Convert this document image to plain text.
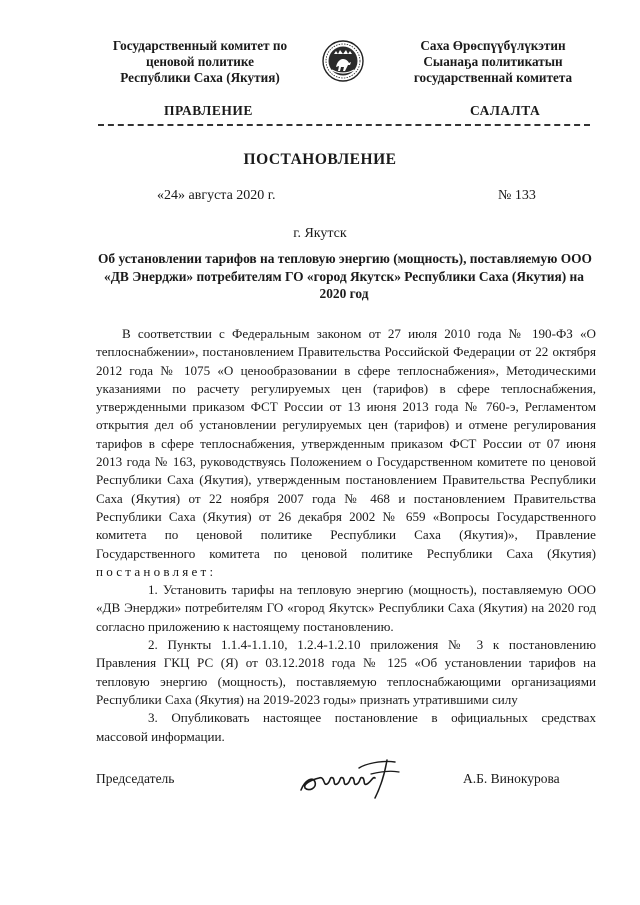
Государственный комитет по
ценовой политике
Республики Саха (Якутия)
Саха Өрөспүүбүлүкэтин
Сыанаҕа политикатын
государственнай комитета
ПРАВЛЕНИЕ	САЛАЛТА
ПОСТАНОВЛЕНИЕ
«24» августа 2020 г.	№ 133
г. Якутск
Об установлении тарифов на тепловую энергию (мощность), поставляемую ООО
«ДВ Энерджи» потребителям ГО «город Якутск» Республики Саха (Якутия) на
2020 год
В соответствии с Федеральным законом от 27 июля 2010 года № 190-ФЗ «О
теплоснабжении», постановлением Правительства Российской Федерации от 22 октября
2012 года № 1075 «О ценообразовании в сфере теплоснабжения», Методическими
указаниями по расчету регулируемых цен (тарифов) в сфере теплоснабжения,
утвержденными приказом ФСТ России от 13 июня 2013 года № 760-э, Регламентом
открытия дел об установлении регулируемых цен (тарифов) и отмене регулирования
тарифов в сфере теплоснабжения, утвержденным приказом ФСТ России от 07 июня
2013 года № 163, руководствуясь Положением о Государственном комитете по ценовой
Республики Саха (Якутия), утвержденным постановлением Правительства Республики
Саха (Якутия) от 22 ноября 2007 года № 468 и постановлением Правительства
Республики Саха (Якутия) от 26 декабря 2002 № 659 «Вопросы Государственного
комитета по ценовой политике Республики Саха (Якутия)», Правление
Государственного комитета по ценовой политике Республики Саха (Якутия)
постановляет:
1. Установить тарифы на тепловую энергию (мощность), поставляемую ООО
«ДВ Энерджи» потребителям ГО «город Якутск» Республики Саха (Якутия) на 2020 год
согласно приложению к настоящему постановлению.
2. Пункты 1.1.4-1.1.10, 1.2.4-1.2.10 приложения № 3 к постановлению
Правления ГКЦ РС (Я) от 03.12.2018 года № 125 «Об установлении тарифов на
тепловую энергию (мощность), поставляемую теплоснабжающими организациями
Республики Саха (Якутия) на 2019-2023 годы» признать утратившими силу
3. Опубликовать настоящее постановление в официальных средствах
массовой информации.
Председатель	А.Б. Винокурова
